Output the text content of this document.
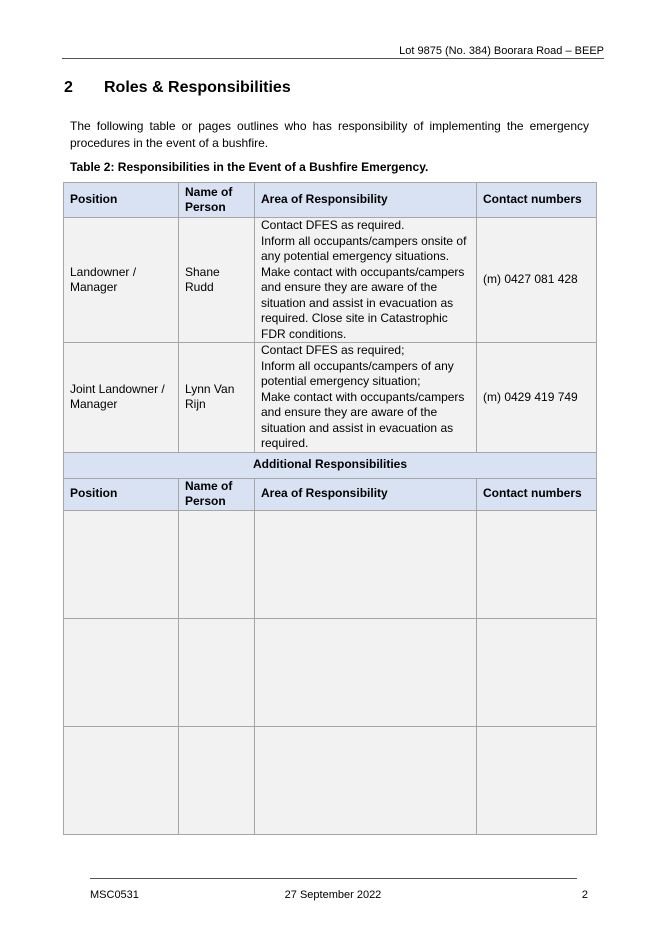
Lot 9875 (No. 384) Boorara Road – BEEP
2 Roles & Responsibilities
The following table or pages outlines who has responsibility of implementing the emergency procedures in the event of a bushfire.
Table 2: Responsibilities in the Event of a Bushfire Emergency.
Position	Name of Person	Area of Responsibility	Contact numbers
Landowner / Manager	Shane Rudd	Contact DFES as required.
Inform all occupants/campers onsite of any potential emergency situations.
Make contact with occupants/campers and ensure they are aware of the situation and assist in evacuation as required. Close site in Catastrophic FDR conditions.	(m) 0427 081 428
Joint Landowner / Manager	Lynn Van Rijn	Contact DFES as required;
Inform all occupants/campers of any potential emergency situation;
Make contact with occupants/campers and ensure they are aware of the situation and assist in evacuation as required.	(m) 0429 419 749
Additional Responsibilities			
Position	Name of Person	Area of Responsibility	Contact numbers

MSC0531	27 September 2022	2
